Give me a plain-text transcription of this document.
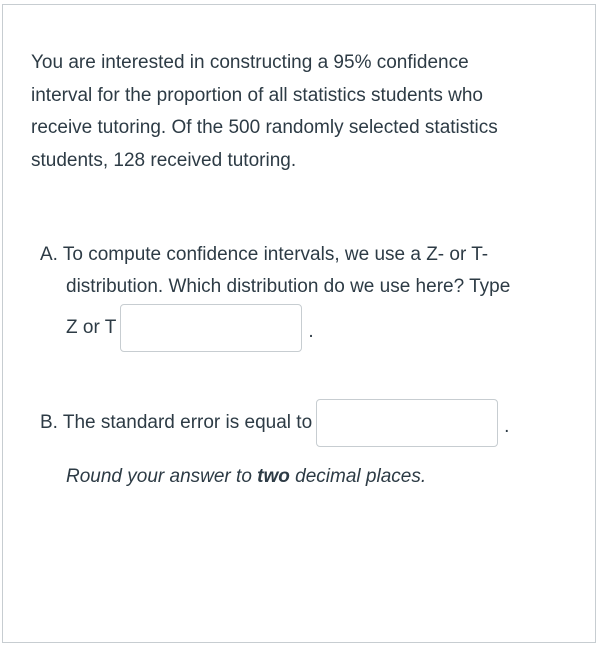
You are interested in constructing a 95% confidence
interval for the proportion of all statistics students who
receive tutoring. Of the 500 randomly selected statistics
students, 128 received tutoring.

A. To compute confidence intervals, we use a Z- or T-
distribution. Which distribution do we use here? Type
Z or T	.
B. The standard error is equal to	.
Round your answer to two decimal places.
